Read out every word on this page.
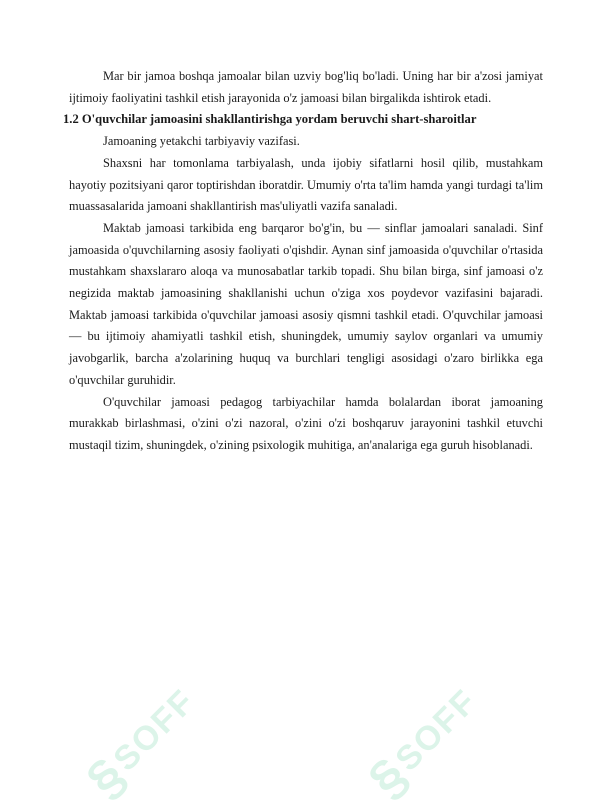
Mar bir jamoa boshqa jamoalar bilan uzviy bog'liq bo'ladi. Uning har bir a'zosi jamiyat ijtimoiy faoliyatini tashkil etish jarayonida o'z jamoasi bilan birgalikda ishtirok etadi.

1.2 O'quvchilar jamoasini shakllantirishga yordam beruvchi shart-sharoitlar

Jamoaning yetakchi tarbiyaviy vazifasi.

Shaxsni har tomonlama tarbiyalash, unda ijobiy sifatlarni hosil qilib, mustahkam hayotiy pozitsiyani qaror toptirishdan iboratdir. Umumiy o'rta ta'lim hamda yangi turdagi ta'lim muassasalarida jamoani shakllantirish mas'uliyatli vazifa sanaladi.

Maktab jamoasi tarkibida eng barqaror bo'g'in, bu — sinflar jamoalari sanaladi. Sinf jamoasida o'quvchilarning asosiy faoliyati o'qishdir. Aynan sinf jamoasida o'quvchilar o'rtasida mustahkam shaxslararo aloqa va munosabatlar tarkib topadi. Shu bilan birga, sinf jamoasi o'z negizida maktab jamoasining shakllanishi uchun o'ziga xos poydevor vazifasini bajaradi. Maktab jamoasi tarkibida o'quvchilar jamoasi asosiy qismni tashkil etadi. O'quvchilar jamoasi — bu ijtimoiy ahamiyatli tashkil etish, shuningdek, umumiy saylov organlari va umumiy javobgarlik, barcha a'zolarining huquq va burchlari tengligi asosidagi o'zaro birlikka ega o'quvchilar guruhidir.

O'quvchilar jamoasi pedagog tarbiyachilar hamda bolalardan iborat jamoaning murakkab birlashmasi, o'zini o'zi nazoral, o'zini o'zi boshqaruv jarayonini tashkil etuvchi mustaqil tizim, shuningdek, o'zining psixologik muhitiga, an'analariga ega guruh hisoblanadi.

§
SOFF	§
SOFF
